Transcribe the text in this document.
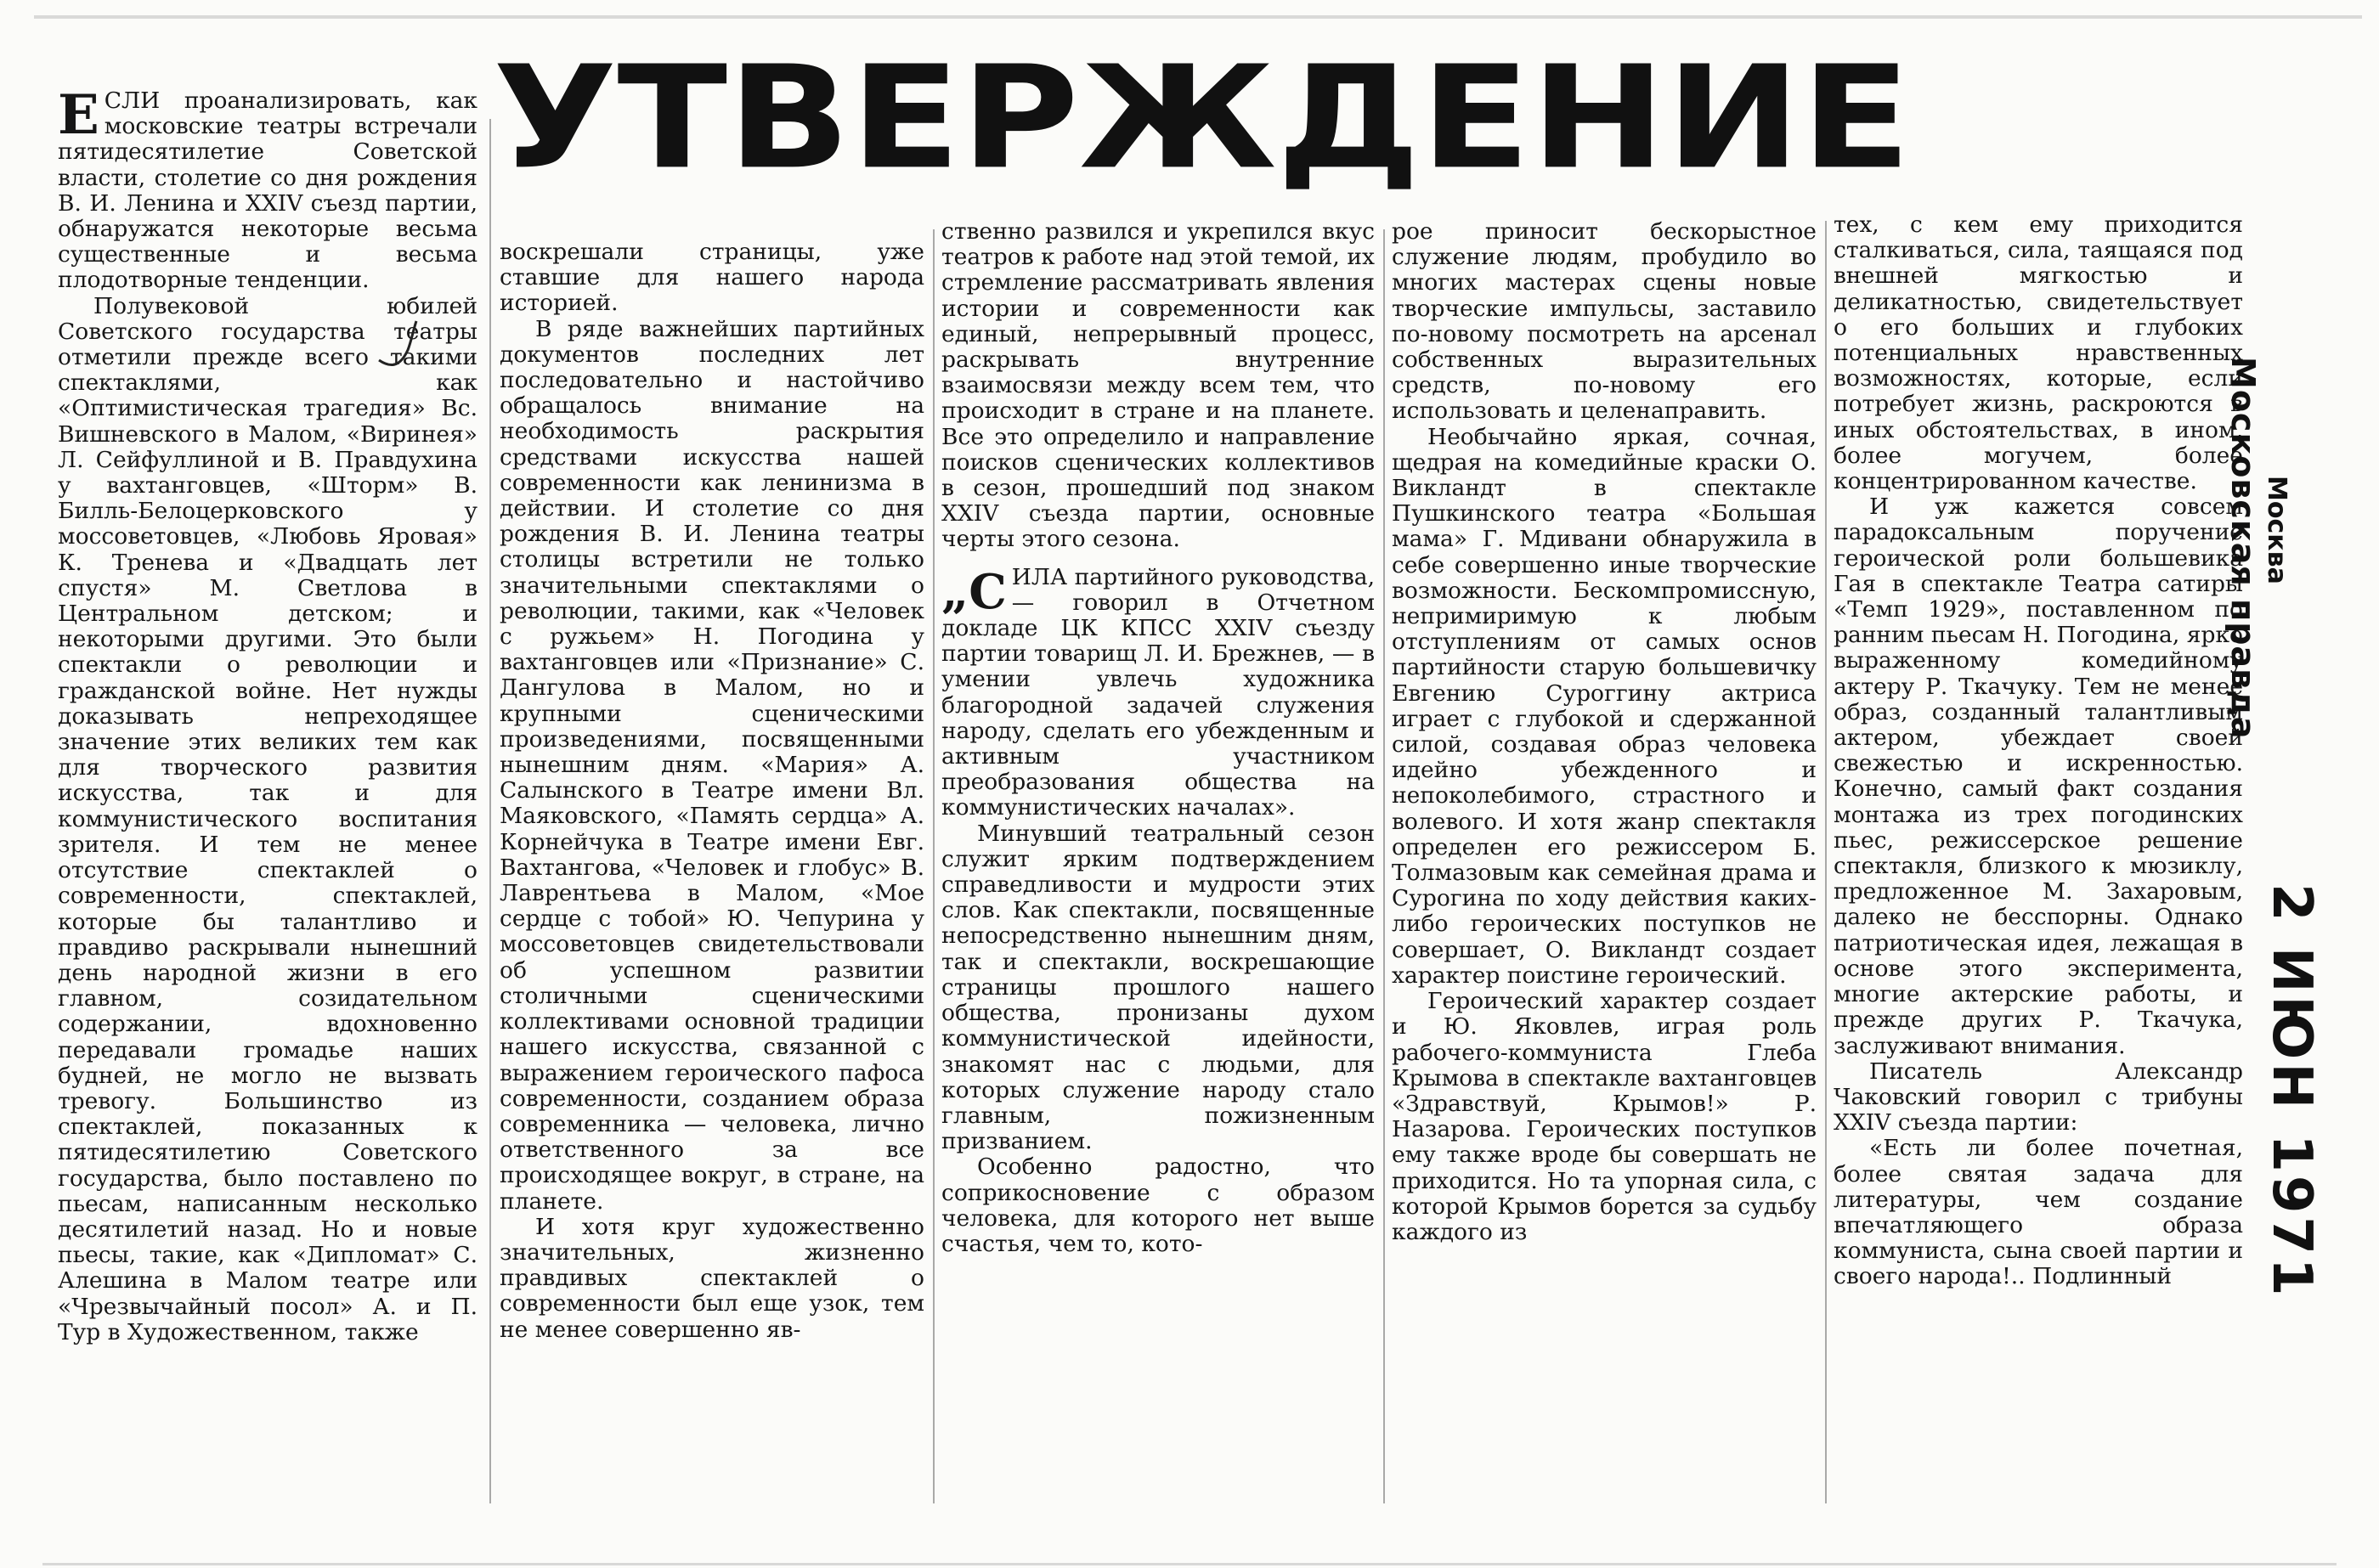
УТВЕРЖДЕНИЕ

ЕСЛИ проанализировать, как московские театры встречали пятидесятилетие Советской власти, столетие со дня рождения В. И. Ленина и XXIV съезд партии, обнаружатся некоторые весьма существенные и весьма плодотворные тенденции.

Полувековой юбилей Советского государства театры отметили прежде всего такими спектаклями, как «Оптимистическая трагедия» Вс. Вишневского в Малом, «Виринея» Л. Сейфуллиной и В. Правдухина у вахтанговцев, «Шторм» В. Билль-Белоцерковского у моссоветовцев, «Любовь Яровая» К. Тренева и «Двадцать лет спустя» М. Светлова в Центральном детском; и некоторыми другими. Это были спектакли о революции и гражданской войне. Нет нужды доказывать непреходящее значение этих великих тем как для творческого развития искусства, так и для коммунистического воспитания зрителя. И тем не менее отсутствие спектаклей о современности, спектаклей, которые бы талантливо и правдиво раскрывали нынешний день народной жизни в его главном, созидательном содержании, вдохновенно передавали громадье наших будней, не могло не вызвать тревогу. Большинство из спектаклей, показанных к пятидесятилетию Советского государства, было поставлено по пьесам, написанным несколько десятилетий назад. Но и новые пьесы, такие, как «Дипломат» С. Алешина в Малом театре или «Чрезвычайный посол» А. и П. Тур в Художественном, также

воскрешали страницы, уже ставшие для нашего народа историей.

В ряде важнейших партийных документов последних лет последовательно и настойчиво обращалось внимание на необходимость раскрытия средствами искусства нашей современности как ленинизма в действии. И столетие со дня рождения В. И. Ленина театры столицы встретили не только значительными спектаклями о революции, такими, как «Человек с ружьем» Н. Погодина у вахтанговцев или «Признание» С. Дангулова в Малом, но и крупными сценическими произведениями, посвященными нынешним дням. «Мария» А. Салынского в Театре имени Вл. Маяковского, «Память сердца» А. Корнейчука в Театре имени Евг. Вахтангова, «Человек и глобус» В. Лаврентьева в Малом, «Мое сердце с тобой» Ю. Чепурина у моссоветовцев свидетельствовали об успешном развитии столичными сценическими коллективами основной традиции нашего искусства, связанной с выражением героического пафоса современности, созданием образа современника — человека, лично ответственного за все происходящее вокруг, в стране, на планете.

И хотя круг художественно значительных, жизненно правдивых спектаклей о современности был еще узок, тем не менее совершенно яв-

ственно развился и укрепился вкус театров к работе над этой темой, их стремление рассматривать явления истории и современности как единый, непрерывный процесс, раскрывать внутренние взаимосвязи между всем тем, что происходит в стране и на планете. Все это определило и направление поисков сценических коллективов в сезон, прошедший под знаком XXIV съезда партии, основные черты этого сезона.

„СИЛА партийного руководства, — говорил в Отчетном докладе ЦК КПСС XXIV съезду партии товарищ Л. И. Брежнев, — в умении увлечь художника благородной задачей служения народу, сделать его убежденным и активным участником преобразования общества на коммунистических началах».

Минувший театральный сезон служит ярким подтверждением справедливости и мудрости этих слов. Как спектакли, посвященные непосредственно нынешним дням, так и спектакли, воскрешающие страницы прошлого нашего общества, пронизаны духом коммунистической идейности, знакомят нас с людьми, для которых служение народу стало главным, пожизненным призванием.

Особенно радостно, что соприкосновение с образом человека, для которого нет выше счастья, чем то, кото-

рое приносит бескорыстное служение людям, пробудило во многих мастерах сцены новые творческие импульсы, заставило по-новому посмотреть на арсенал собственных выразительных средств, по-новому его использовать и целенаправить.

Необычайно яркая, сочная, щедрая на комедийные краски О. Викландт в спектакле Пушкинского театра «Большая мама» Г. Мдивани обнаружила в себе совершенно иные творческие возможности. Бескомпромиссную, непримиримую к любым отступлениям от самых основ партийности старую большевичку Евгению Суроггину актриса играет с глубокой и сдержанной силой, создавая образ человека идейно убежденного и непоколебимого, страстного и волевого. И хотя жанр спектакля определен его режиссером Б. Толмазовым как семейная драма и Сурогина по ходу действия каких-либо героических поступков не совершает, О. Викландт создает характер поистине героический.

Героический характер создает и Ю. Яковлев, играя роль рабочего-коммуниста Глеба Крымова в спектакле вахтанговцев «Здравствуй, Крымов!» Р. Назарова. Героических поступков ему также вроде бы совершать не приходится. Но та упорная сила, с которой Крымов борется за судьбу каждого из

тех, с кем ему приходится сталкиваться, сила, таящаяся под внешней мягкостью и деликатностью, свидетельствует о его больших и глубоких потенциальных нравственных возможностях, которые, если потребует жизнь, раскроются в иных обстоятельствах, в ином, более могучем, более концентрированном качестве.

И уж кажется совсем парадоксальным поручение героической роли большевика Гая в спектакле Театра сатиры «Темп 1929», поставленном по ранним пьесам Н. Погодина, ярко выраженному комедийному актеру Р. Ткачуку. Тем не менее образ, созданный талантливым актером, убеждает своей свежестью и искренностью. Конечно, самый факт создания монтажа из трех погодинских пьес, режиссерское решение спектакля, близкого к мюзиклу, предложенное М. Захаровым, далеко не бесспорны. Однако патриотическая идея, лежащая в основе этого эксперимента, многие актерские работы, и прежде других Р. Ткачука, заслуживают внимания.

Писатель Александр Чаковский говорил с трибуны XXIV съезда партии:

«Есть ли более почетная, более святая задача для литературы, чем создание впечатляющего образа коммуниста, сына своей партии и своего народа!.. Подлинный

Московская правда Москва
2 ИЮН 1971
